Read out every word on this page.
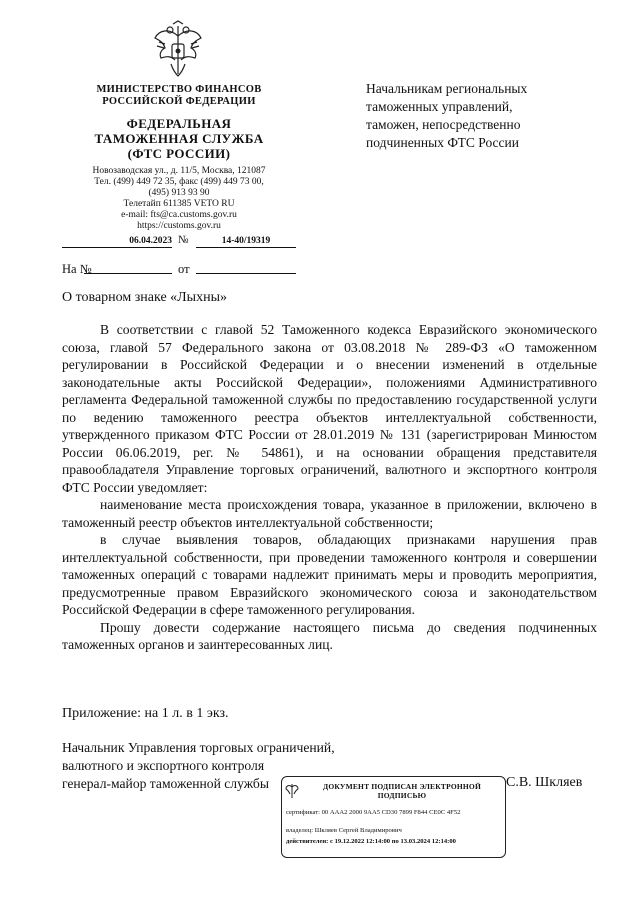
МИНИСТЕРСТВО ФИНАНСОВ
РОССИЙСКОЙ ФЕДЕРАЦИИ
ФЕДЕРАЛЬНАЯ
ТАМОЖЕННАЯ СЛУЖБА
(ФТС РОССИИ)
Новозаводская ул., д. 11/5, Москва, 121087
Тел. (499) 449 72 35, факс (499) 449 73 00,
(495) 913 93 90
Телетайп 611385 VETO RU
e-mail: fts@ca.customs.gov.ru
https://customs.gov.ru
06.04.2023 №	14-40/19319
На №	от
Начальникам региональных
таможенных управлений,
таможен, непосредственно
подчиненных ФТС России
О товарном знаке «Лыхны»

В соответствии с главой 52 Таможенного кодекса Евразийского экономического союза, главой 57 Федерального закона от 03.08.2018 № 289-ФЗ «О таможенном регулировании в Российской Федерации и о внесении изменений в отдельные законодательные акты Российской Федерации», положениями Административного регламента Федеральной таможенной службы по предоставлению государственной услуги по ведению таможенного реестра объектов интеллектуальной собственности, утвержденного приказом ФТС России от 28.01.2019 № 131 (зарегистрирован Минюстом России 06.06.2019, рег. № 54861), и на основании обращения представителя правообладателя Управление торговых ограничений, валютного и экспортного контроля ФТС России уведомляет:

наименование места происхождения товара, указанное в приложении, включено в таможенный реестр объектов интеллектуальной собственности;

в случае выявления товаров, обладающих признаками нарушения прав интеллектуальной собственности, при проведении таможенного контроля и совершении таможенных операций с товарами надлежит принимать меры и проводить мероприятия, предусмотренные правом Евразийского экономического союза и законодательством Российской Федерации в сфере таможенного регулирования.

Прошу довести содержание настоящего письма до сведения подчиненных таможенных органов и заинтересованных лиц.

Приложение: на 1 л. в 1 экз.
Начальник Управления торговых ограничений,
валютного и экспортного контроля
генерал-майор таможенной службы	ДОКУМЕНТ ПОДПИСАН ЭЛЕКТРОННОЙ
ПОДПИСЬЮ
сертификат: 00 AAA2 2000 9AA5 CD30 7899 F844 CE0C 4F52
владелец: Шкляев Сергей Владимирович
действителен: с 19.12.2022 12:14:00 по 13.03.2024 12:14:00
С.В. Шкляев
